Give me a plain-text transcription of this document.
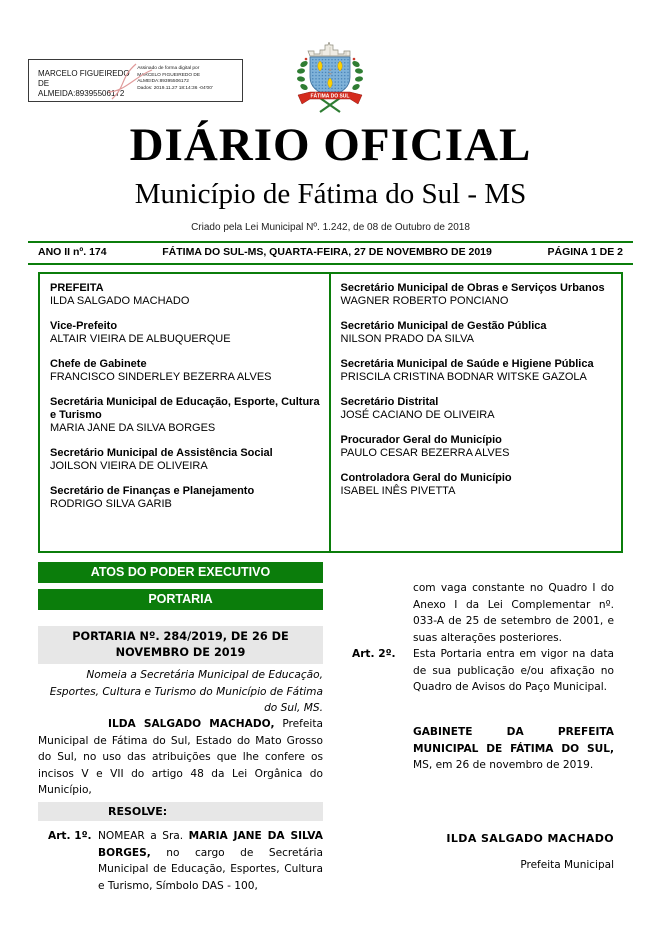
MARCELO FIGUEIREDO DE
ALMEIDA:89395506172
Assinado de forma digital por
MARCELO FIGUEIREDO DE
ALMEIDA:89395506172
Dados: 2019.11.27 18:14:36 -04'00'
FÁTIMA DO SUL
DIÁRIO OFICIAL
Município de Fátima do Sul - MS
Criado pela Lei Municipal Nº. 1.242, de 08 de Outubro de 2018
ANO II nº. 174	FÁTIMA DO SUL-MS, QUARTA-FEIRA, 27 DE NOVEMBRO DE 2019	PÁGINA 1 DE 2
PREFEITA
ILDA SALGADO MACHADO
Vice-Prefeito
ALTAIR VIEIRA DE ALBUQUERQUE
Chefe de Gabinete
FRANCISCO SINDERLEY BEZERRA ALVES
Secretária Municipal de Educação, Esporte, Cultura e Turismo
MARIA JANE DA SILVA BORGES
Secretário Municipal de Assistência Social
JOILSON VIEIRA DE OLIVEIRA
Secretário de Finanças e Planejamento
RODRIGO SILVA GARIB
Secretário Municipal de Obras e Serviços Urbanos
WAGNER ROBERTO PONCIANO
Secretário Municipal de Gestão Pública
NILSON PRADO DA SILVA
Secretária Municipal de Saúde e Higiene Pública
PRISCILA CRISTINA BODNAR WITSKE GAZOLA
Secretário Distrital
JOSÉ CACIANO DE OLIVEIRA
Procurador Geral do Município
PAULO CESAR BEZERRA ALVES
Controladora Geral do Município
ISABEL INÊS PIVETTA
ATOS DO PODER EXECUTIVO
PORTARIA
PORTARIA Nº. 284/2019, DE 26 DE NOVEMBRO DE 2019
Nomeia a Secretária Municipal de Educação, Esportes, Cultura e Turismo do Município de Fátima do Sul, MS.

ILDA SALGADO MACHADO, Prefeita Municipal de Fátima do Sul, Estado do Mato Grosso do Sul, no uso das atribuições que lhe confere os incisos V e VII do artigo 48 da Lei Orgânica do Município,

RESOLVE:
Art. 1º. NOMEAR a Sra. MARIA JANE DA SILVA BORGES, no cargo de Secretária Municipal de Educação, Esportes, Cultura e Turismo, Símbolo DAS - 100,
com vaga constante no Quadro I do Anexo I da Lei Complementar nº. 033-A de 25 de setembro de 2001, e suas alterações posteriores.
Art. 2º.	Esta Portaria entra em vigor na data de sua publicação e/ou afixação no Quadro de Avisos do Paço Municipal.

GABINETE DA PREFEITA MUNICIPAL DE FÁTIMA DO SUL, MS, em 26 de novembro de 2019.

ILDA SALGADO MACHADO
Prefeita Municipal
